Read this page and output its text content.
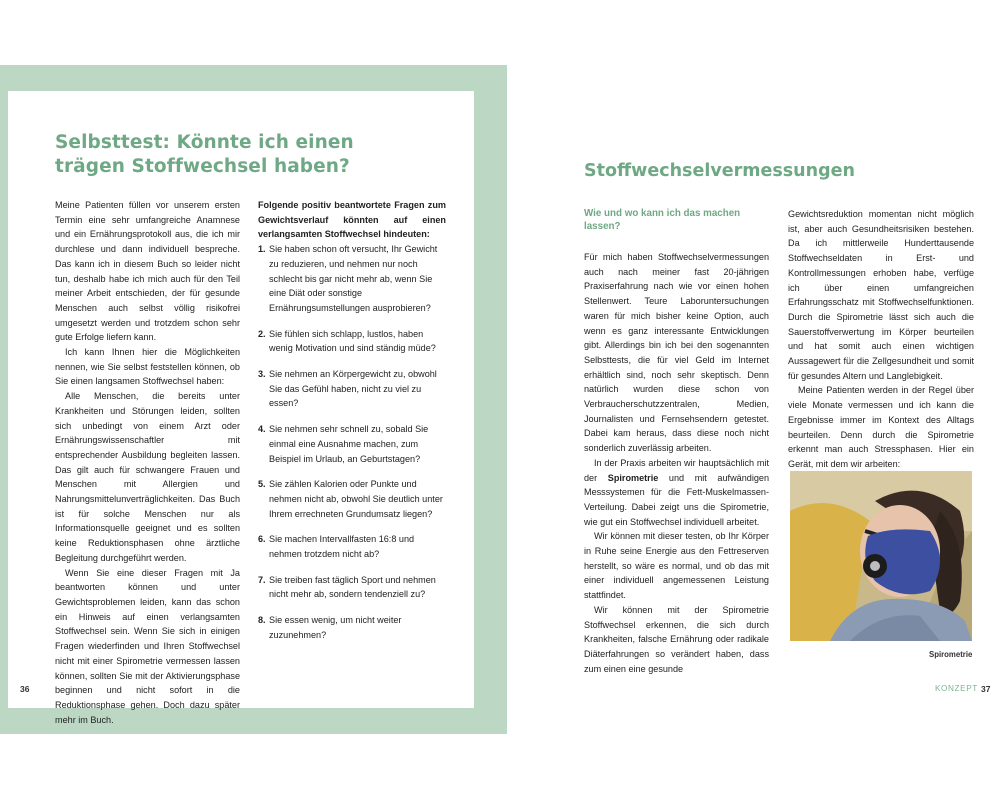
Selbsttest: Könnte ich einen trägen Stoffwechsel haben?

Meine Patienten füllen vor unserem ersten Termin eine sehr umfangreiche Anamnese und ein Ernährungsprotokoll aus, die ich mir durchlese und dann individuell bespreche. Das kann ich in diesem Buch so leider nicht tun, deshalb habe ich mich auch für den Teil meiner Arbeit entschieden, der für gesunde Menschen auch selbst völlig risikofrei umgesetzt werden und trotzdem schon sehr gute Erfolge liefern kann.

Ich kann Ihnen hier die Möglichkeiten nennen, wie Sie selbst feststellen können, ob Sie einen langsamen Stoffwechsel haben:

Alle Menschen, die bereits unter Krankheiten und Störungen leiden, sollten sich unbedingt von einem Arzt oder Ernährungswissenschaftler mit entsprechender Ausbildung begleiten lassen. Das gilt auch für schwangere Frauen und Menschen mit Allergien und Nahrungsmittelunverträglichkeiten. Das Buch ist für solche Menschen nur als Informationsquelle geeignet und es sollten keine Reduktionsphasen ohne ärztliche Begleitung durchgeführt werden.

Wenn Sie eine dieser Fragen mit Ja beantworten können und unter Gewichtsproblemen leiden, kann das schon ein Hinweis auf einen verlangsamten Stoffwechsel sein. Wenn Sie sich in einigen Fragen wiederfinden und Ihren Stoffwechsel nicht mit einer Spirometrie vermessen lassen können, sollten Sie mit der Aktivierungsphase beginnen und nicht sofort in die Reduktionsphase gehen. Doch dazu später mehr im Buch.

Folgende positiv beantwortete Fragen zum Gewichtsverlauf könnten auf einen verlangsamten Stoffwechsel hindeuten:

1. Sie haben schon oft versucht, Ihr Gewicht zu reduzieren, und nehmen nur noch schlecht bis gar nicht mehr ab, wenn Sie eine Diät oder sonstige Ernährungsumstellungen ausprobieren?
2. Sie fühlen sich schlapp, lustlos, haben wenig Motivation und sind ständig müde?
3. Sie nehmen an Körpergewicht zu, obwohl Sie das Gefühl haben, nicht zu viel zu essen?
4. Sie nehmen sehr schnell zu, sobald Sie einmal eine Ausnahme machen, zum Beispiel im Urlaub, an Geburtstagen?
5. Sie zählen Kalorien oder Punkte und nehmen nicht ab, obwohl Sie deutlich unter Ihrem errechneten Grundumsatz liegen?
6. Sie machen Intervallfasten 16:8 und nehmen trotzdem nicht ab?
7. Sie treiben fast täglich Sport und nehmen nicht mehr ab, sondern tendenziell zu?
8. Sie essen wenig, um nicht weiter zuzunehmen?
36
Stoffwechselvermessungen
Wie und wo kann ich das machen lassen?

Für mich haben Stoffwechselvermessungen auch nach meiner fast 20-jährigen Praxiserfahrung nach wie vor einen hohen Stellenwert. Teure Laboruntersuchungen waren für mich bisher keine Option, auch wenn es ganz interessante Entwicklungen gibt. Allerdings bin ich bei den sogenannten Selbsttests, die für viel Geld im Internet erhältlich sind, noch sehr skeptisch. Denn natürlich wurden diese schon von Verbraucherschutzzentralen, Medien, Journalisten und Fernsehsendern getestet. Dabei kam heraus, dass diese noch nicht sonderlich zuverlässig arbeiten.

In der Praxis arbeiten wir hauptsächlich mit der Spirometrie und mit aufwändigen Messsystemen für die Fett-Muskelmassen-Verteilung. Dabei zeigt uns die Spirometrie, wie gut ein Stoffwechsel individuell arbeitet.

Wir können mit dieser testen, ob Ihr Körper in Ruhe seine Energie aus den Fettreserven herstellt, so wäre es normal, und ob das mit einer individuell angemessenen Leistung stattfindet.

Wir können mit der Spirometrie Stoffwechsel erkennen, die sich durch Krankheiten, falsche Ernährung oder radikale Diäterfahrungen so verändert haben, dass zum einen eine gesunde

Gewichtsreduktion momentan nicht möglich ist, aber auch Gesundheitsrisiken bestehen. Da ich mittlerweile Hunderttausende Stoffwechseldaten in Erst- und Kontrollmessungen erhoben habe, verfüge ich über einen umfangreichen Erfahrungsschatz mit Stoffwechselfunktionen. Durch die Spirometrie lässt sich auch die Sauerstoffverwertung im Körper beurteilen und hat somit auch einen wichtigen Aussagewert für die Zellgesundheit und somit für gesundes Altern und Langlebigkeit.

Meine Patienten werden in der Regel über viele Monate vermessen und ich kann die Ergebnisse immer im Kontext des Alltags beurteilen. Denn durch die Spirometrie erkennt man auch Stressphasen. Hier ein Gerät, mit dem wir arbeiten:

Spirometrie
KONZEPT 37
